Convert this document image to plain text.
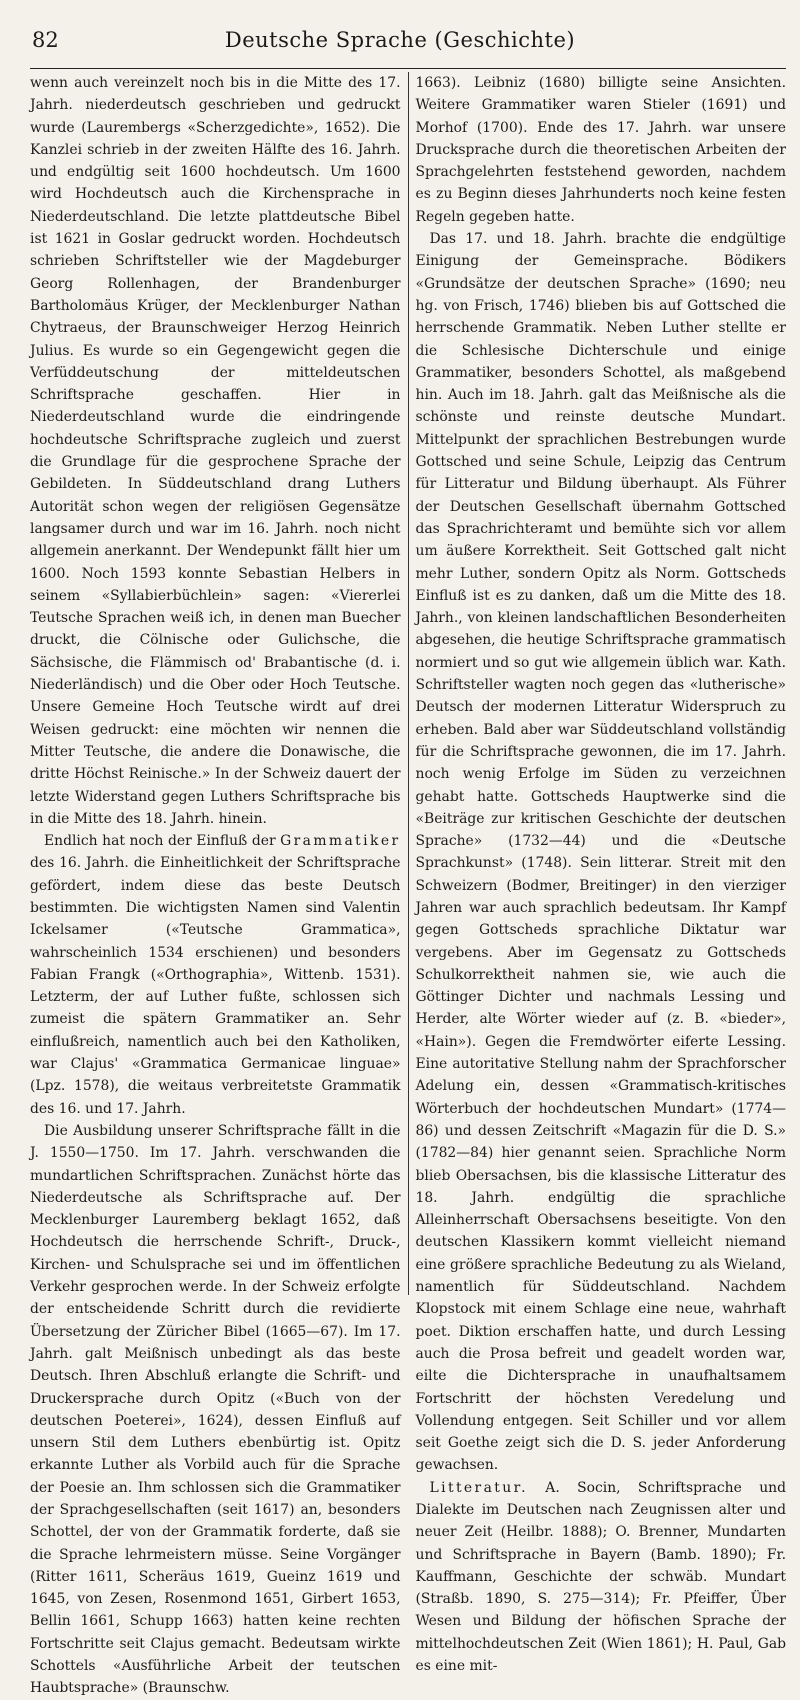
82	Deutsche Sprache (Geschichte)

wenn auch vereinzelt noch bis in die Mitte des 17. Jahrh. niederdeutsch geschrieben und gedruckt wurde (Laurembergs «Scherzgedichte», 1652). Die Kanzlei schrieb in der zweiten Hälfte des 16. Jahrh. und endgültig seit 1600 hochdeutsch. Um 1600 wird Hochdeutsch auch die Kirchensprache in Niederdeutschland. Die letzte plattdeutsche Bibel ist 1621 in Goslar gedruckt worden. Hochdeutsch schrieben Schriftsteller wie der Magdeburger Georg Rollenhagen, der Brandenburger Bartholomäus Krüger, der Mecklenburger Nathan Chytraeus, der Braunschweiger Herzog Heinrich Julius. Es wurde so ein Gegengewicht gegen die Verfüddeutschung der mitteldeutschen Schriftsprache geschaffen. Hier in Niederdeutschland wurde die eindringende hochdeutsche Schriftsprache zugleich und zuerst die Grundlage für die gesprochene Sprache der Gebildeten. In Süddeutschland drang Luthers Autorität schon wegen der religiösen Gegensätze langsamer durch und war im 16. Jahrh. noch nicht allgemein anerkannt. Der Wendepunkt fällt hier um 1600. Noch 1593 konnte Sebastian Helbers in seinem «Syllabierbüchlein» sagen: «Viererlei Teutsche Sprachen weiß ich, in denen man Buecher druckt, die Cölnische oder Gulichsche, die Sächsische, die Flämmisch od' Brabantische (d. i. Niederländisch) und die Ober oder Hoch Teutsche. Unsere Gemeine Hoch Teutsche wirdt auf drei Weisen gedruckt: eine möchten wir nennen die Mitter Teutsche, die andere die Donawische, die dritte Höchst Reinische.» In der Schweiz dauert der letzte Widerstand gegen Luthers Schriftsprache bis in die Mitte des 18. Jahrh. hinein.

Endlich hat noch der Einfluß der Grammatiker des 16. Jahrh. die Einheitlichkeit der Schriftsprache gefördert, indem diese das beste Deutsch bestimmten. Die wichtigsten Namen sind Valentin Ickelsamer («Teutsche Grammatica», wahrscheinlich 1534 erschienen) und besonders Fabian Frangk («Orthographia», Wittenb. 1531). Letzterm, der auf Luther fußte, schlossen sich zumeist die spätern Grammatiker an. Sehr einflußreich, namentlich auch bei den Katholiken, war Clajus' «Grammatica Germanicae linguae» (Lpz. 1578), die weitaus verbreitetste Grammatik des 16. und 17. Jahrh.

Die Ausbildung unserer Schriftsprache fällt in die J. 1550—1750. Im 17. Jahrh. verschwanden die mundartlichen Schriftsprachen. Zunächst hörte das Niederdeutsche als Schriftsprache auf. Der Mecklenburger Lauremberg beklagt 1652, daß Hochdeutsch die herrschende Schrift-, Druck-, Kirchen- und Schulsprache sei und im öffentlichen Verkehr gesprochen werde. In der Schweiz erfolgte der entscheidende Schritt durch die revidierte Übersetzung der Züricher Bibel (1665—67). Im 17. Jahrh. galt Meißnisch unbedingt als das beste Deutsch. Ihren Abschluß erlangte die Schrift- und Druckersprache durch Opitz («Buch von der deutschen Poeterei», 1624), dessen Einfluß auf unsern Stil dem Luthers ebenbürtig ist. Opitz erkannte Luther als Vorbild auch für die Sprache der Poesie an. Ihm schlossen sich die Grammatiker der Sprachgesellschaften (seit 1617) an, besonders Schottel, der von der Grammatik forderte, daß sie die Sprache lehrmeistern müsse. Seine Vorgänger (Ritter 1611, Scheräus 1619, Gueinz 1619 und 1645, von Zesen, Rosenmond 1651, Girbert 1653, Bellin 1661, Schupp 1663) hatten keine rechten Fortschritte seit Clajus gemacht. Bedeutsam wirkte Schottels «Ausführliche Arbeit der teutschen Haubtsprache» (Braunschw.

1663). Leibniz (1680) billigte seine Ansichten. Weitere Grammatiker waren Stieler (1691) und Morhof (1700). Ende des 17. Jahrh. war unsere Drucksprache durch die theoretischen Arbeiten der Sprachgelehrten feststehend geworden, nachdem es zu Beginn dieses Jahrhunderts noch keine festen Regeln gegeben hatte.

Das 17. und 18. Jahrh. brachte die endgültige Einigung der Gemeinsprache. Bödikers «Grundsätze der deutschen Sprache» (1690; neu hg. von Frisch, 1746) blieben bis auf Gottsched die herrschende Grammatik. Neben Luther stellte er die Schlesische Dichterschule und einige Grammatiker, besonders Schottel, als maßgebend hin. Auch im 18. Jahrh. galt das Meißnische als die schönste und reinste deutsche Mundart. Mittelpunkt der sprachlichen Bestrebungen wurde Gottsched und seine Schule, Leipzig das Centrum für Litteratur und Bildung überhaupt. Als Führer der Deutschen Gesellschaft übernahm Gottsched das Sprachrichteramt und bemühte sich vor allem um äußere Korrektheit. Seit Gottsched galt nicht mehr Luther, sondern Opitz als Norm. Gottscheds Einfluß ist es zu danken, daß um die Mitte des 18. Jahrh., von kleinen landschaftlichen Besonderheiten abgesehen, die heutige Schriftsprache grammatisch normiert und so gut wie allgemein üblich war. Kath. Schriftsteller wagten noch gegen das «lutherische» Deutsch der modernen Litteratur Widerspruch zu erheben. Bald aber war Süddeutschland vollständig für die Schriftsprache gewonnen, die im 17. Jahrh. noch wenig Erfolge im Süden zu verzeichnen gehabt hatte. Gottscheds Hauptwerke sind die «Beiträge zur kritischen Geschichte der deutschen Sprache» (1732—44) und die «Deutsche Sprachkunst» (1748). Sein litterar. Streit mit den Schweizern (Bodmer, Breitinger) in den vierziger Jahren war auch sprachlich bedeutsam. Ihr Kampf gegen Gottscheds sprachliche Diktatur war vergebens. Aber im Gegensatz zu Gottscheds Schulkorrektheit nahmen sie, wie auch die Göttinger Dichter und nachmals Lessing und Herder, alte Wörter wieder auf (z. B. «bieder», «Hain»). Gegen die Fremdwörter eiferte Lessing. Eine autoritative Stellung nahm der Sprachforscher Adelung ein, dessen «Grammatisch-kritisches Wörterbuch der hochdeutschen Mundart» (1774—86) und dessen Zeitschrift «Magazin für die D. S.» (1782—84) hier genannt seien. Sprachliche Norm blieb Obersachsen, bis die klassische Litteratur des 18. Jahrh. endgültig die sprachliche Alleinherrschaft Obersachsens beseitigte. Von den deutschen Klassikern kommt vielleicht niemand eine größere sprachliche Bedeutung zu als Wieland, namentlich für Süddeutschland. Nachdem Klopstock mit einem Schlage eine neue, wahrhaft poet. Diktion erschaffen hatte, und durch Lessing auch die Prosa befreit und geadelt worden war, eilte die Dichtersprache in unaufhaltsamem Fortschritt der höchsten Veredelung und Vollendung entgegen. Seit Schiller und vor allem seit Goethe zeigt sich die D. S. jeder Anforderung gewachsen.

Litteratur. A. Socin, Schriftsprache und Dialekte im Deutschen nach Zeugnissen alter und neuer Zeit (Heilbr. 1888); O. Brenner, Mundarten und Schriftsprache in Bayern (Bamb. 1890); Fr. Kauffmann, Geschichte der schwäb. Mundart (Straßb. 1890, S. 275—314); Fr. Pfeiffer, Über Wesen und Bildung der höfischen Sprache der mittelhochdeutschen Zeit (Wien 1861); H. Paul, Gab es eine mit-
